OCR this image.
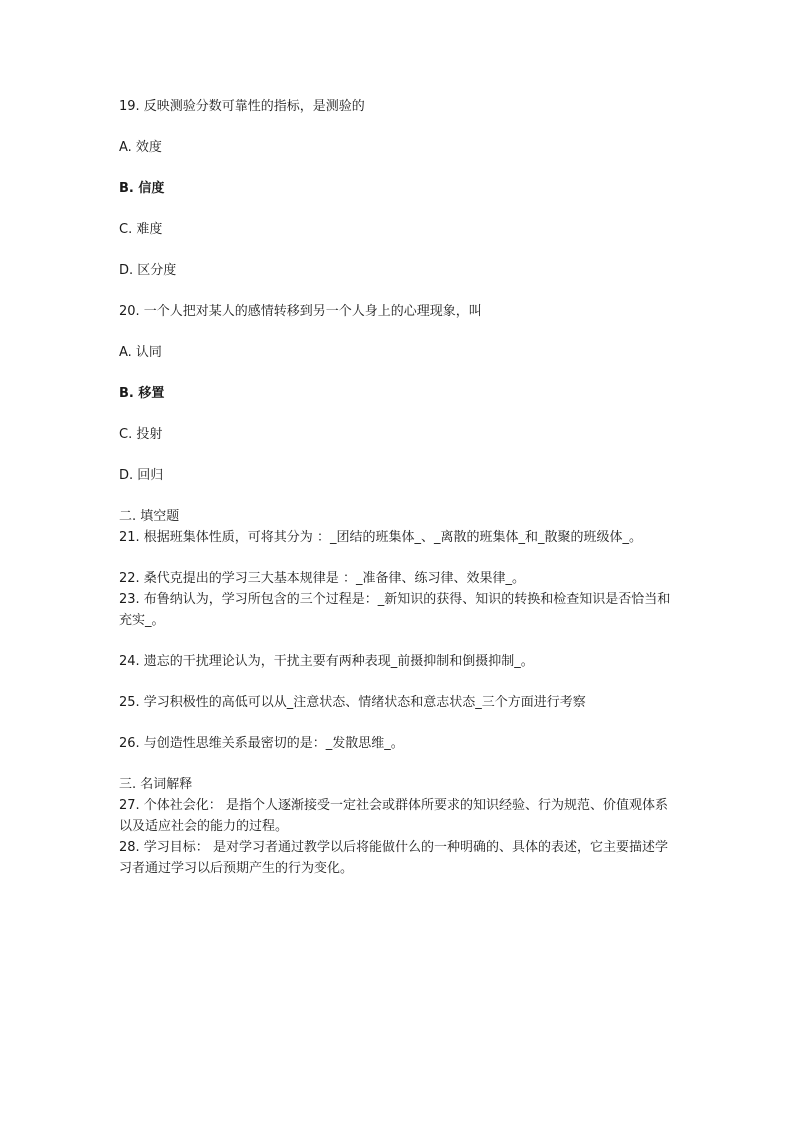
19. 反映测验分数可靠性的指标，是测验的

A. 效度

B. 信度

C. 难度

D. 区分度

20. 一个人把对某人的感情转移到另一个人身上的心理现象，叫

A. 认同

B. 移置

C. 投射

D. 回归

二. 填空题

21. 根据班集体性质，可将其分为 ：_团结的班集体_、_离散的班集体_和_散聚的班级体_。

22. 桑代克提出的学习三大基本规律是 ：_准备律、练习律、效果律_。

23. 布鲁纳认为，学习所包含的三个过程是：_新知识的获得、知识的转换和检查知识是否恰当和充实_。

24. 遗忘的干扰理论认为，干扰主要有两种表现_前摄抑制和倒摄抑制_。

25. 学习积极性的高低可以从_注意状态、情绪状态和意志状态_三个方面进行考察

26. 与创造性思维关系最密切的是：_发散思维_。

三. 名词解释

27. 个体社会化： 是指个人逐渐接受一定社会或群体所要求的知识经验、行为规范、价值观体系以及适应社会的能力的过程。

28. 学习目标： 是对学习者通过教学以后将能做什么的一种明确的、具体的表述，它主要描述学习者通过学习以后预期产生的行为变化。
